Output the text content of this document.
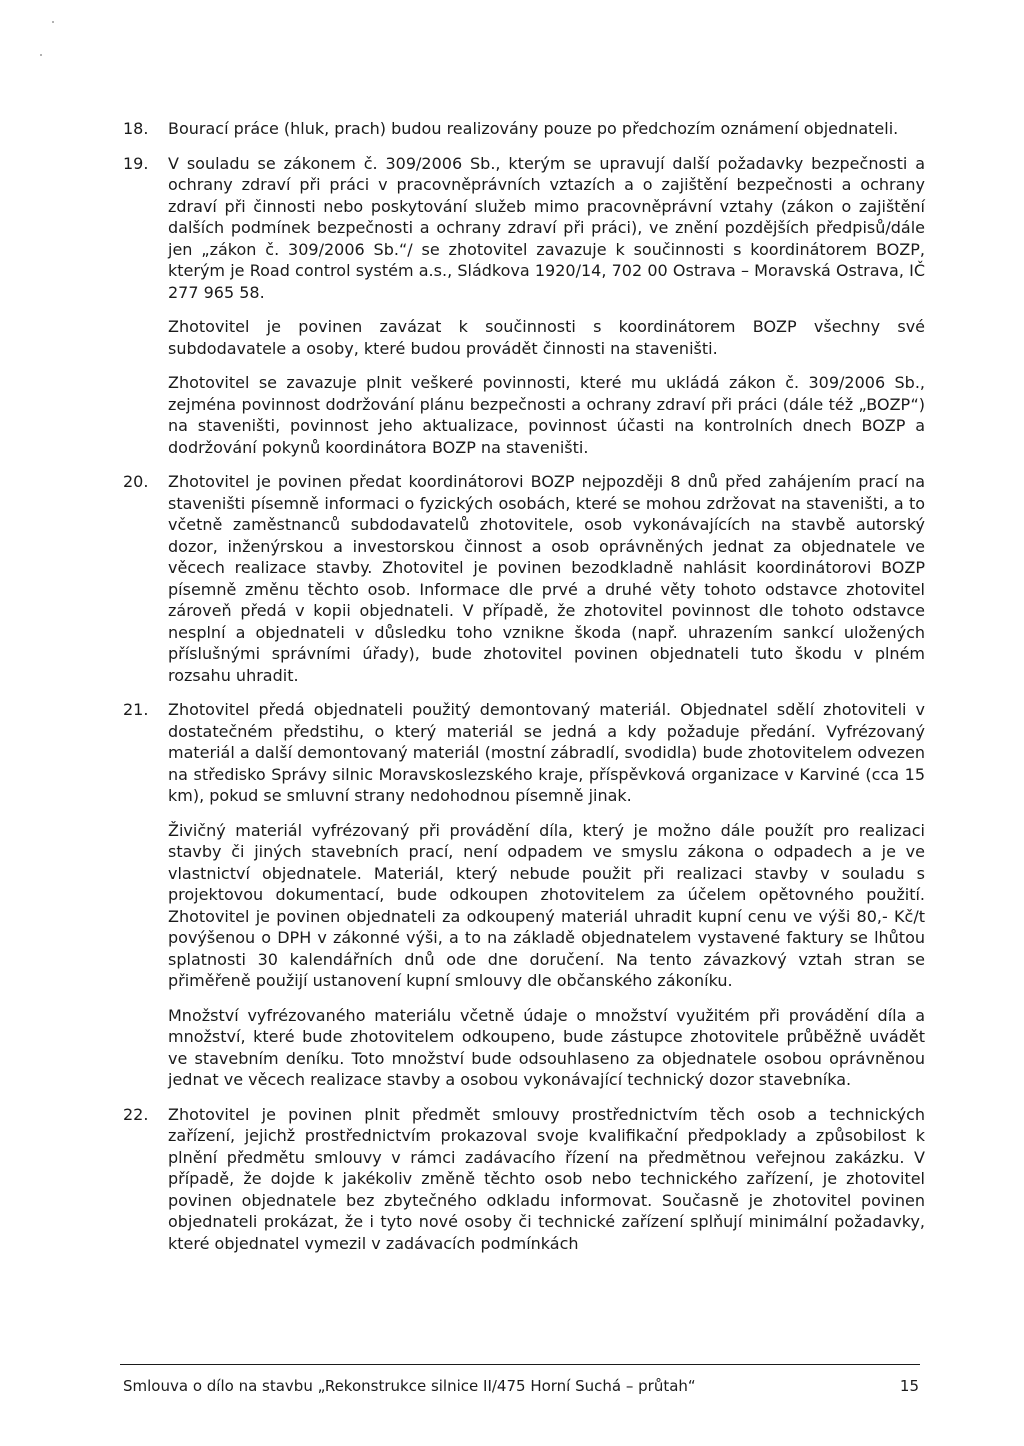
18. Bourací práce (hluk, prach) budou realizovány pouze po předchozím oznámení objednateli.

19. V souladu se zákonem č. 309/2006 Sb., kterým se upravují další požadavky bezpečnosti a ochrany zdraví při práci v pracovněprávních vztazích a o zajištění bezpečnosti a ochrany zdraví při činnosti nebo poskytování služeb mimo pracovněprávní vztahy (zákon o zajištění dalších podmínek bezpečnosti a ochrany zdraví při práci), ve znění pozdějších předpisů/dále jen „zákon č. 309/2006 Sb.“/ se zhotovitel zavazuje k součinnosti s koordinátorem BOZP, kterým je Road control systém a.s., Sládkova 1920/14, 702 00 Ostrava – Moravská Ostrava, IČ 277 965 58.

Zhotovitel je povinen zavázat k součinnosti s koordinátorem BOZP všechny své subdodavatele a osoby, které budou provádět činnosti na staveništi.

Zhotovitel se zavazuje plnit veškeré povinnosti, které mu ukládá zákon č. 309/2006 Sb., zejména povinnost dodržování plánu bezpečnosti a ochrany zdraví při práci (dále též „BOZP“) na staveništi, povinnost jeho aktualizace, povinnost účasti na kontrolních dnech BOZP a dodržování pokynů koordinátora BOZP na staveništi.

20. Zhotovitel je povinen předat koordinátorovi BOZP nejpozději 8 dnů před zahájením prací na staveništi písemně informaci o fyzických osobách, které se mohou zdržovat na staveništi, a to včetně zaměstnanců subdodavatelů zhotovitele, osob vykonávajících na stavbě autorský dozor, inženýrskou a investorskou činnost a osob oprávněných jednat za objednatele ve věcech realizace stavby. Zhotovitel je povinen bezodkladně nahlásit koordinátorovi BOZP písemně změnu těchto osob. Informace dle prvé a druhé věty tohoto odstavce zhotovitel zároveň předá v kopii objednateli. V případě, že zhotovitel povinnost dle tohoto odstavce nesplní a objednateli v důsledku toho vznikne škoda (např. uhrazením sankcí uložených příslušnými správními úřady), bude zhotovitel povinen objednateli tuto škodu v plném rozsahu uhradit.

21. Zhotovitel předá objednateli použitý demontovaný materiál. Objednatel sdělí zhotoviteli v dostatečném předstihu, o který materiál se jedná a kdy požaduje předání. Vyfrézovaný materiál a další demontovaný materiál (mostní zábradlí, svodidla) bude zhotovitelem odvezen na středisko Správy silnic Moravskoslezského kraje, příspěvková organizace v Karviné (cca 15 km), pokud se smluvní strany nedohodnou písemně jinak.

Živičný materiál vyfrézovaný při provádění díla, který je možno dále použít pro realizaci stavby či jiných stavebních prací, není odpadem ve smyslu zákona o odpadech a je ve vlastnictví objednatele. Materiál, který nebude použit při realizaci stavby v souladu s projektovou dokumentací, bude odkoupen zhotovitelem za účelem opětovného použití. Zhotovitel je povinen objednateli za odkoupený materiál uhradit kupní cenu ve výši 80,- Kč/t povýšenou o DPH v zákonné výši, a to na základě objednatelem vystavené faktury se lhůtou splatnosti 30 kalendářních dnů ode dne doručení. Na tento závazkový vztah stran se přiměřeně použijí ustanovení kupní smlouvy dle občanského zákoníku.

Množství vyfrézovaného materiálu včetně údaje o množství využitém při provádění díla a množství, které bude zhotovitelem odkoupeno, bude zástupce zhotovitele průběžně uvádět ve stavebním deníku. Toto množství bude odsouhlaseno za objednatele osobou oprávněnou jednat ve věcech realizace stavby a osobou vykonávající technický dozor stavebníka.

22. Zhotovitel je povinen plnit předmět smlouvy prostřednictvím těch osob a technických zařízení, jejichž prostřednictvím prokazoval svoje kvalifikační předpoklady a způsobilost k plnění předmětu smlouvy v rámci zadávacího řízení na předmětnou veřejnou zakázku. V případě, že dojde k jakékoliv změně těchto osob nebo technického zařízení, je zhotovitel povinen objednatele bez zbytečného odkladu informovat. Současně je zhotovitel povinen objednateli prokázat, že i tyto nové osoby či technické zařízení splňují minimální požadavky, které objednatel vymezil v zadávacích podmínkách

Smlouva o dílo na stavbu „Rekonstrukce silnice II/475 Horní Suchá – průtah“	15
